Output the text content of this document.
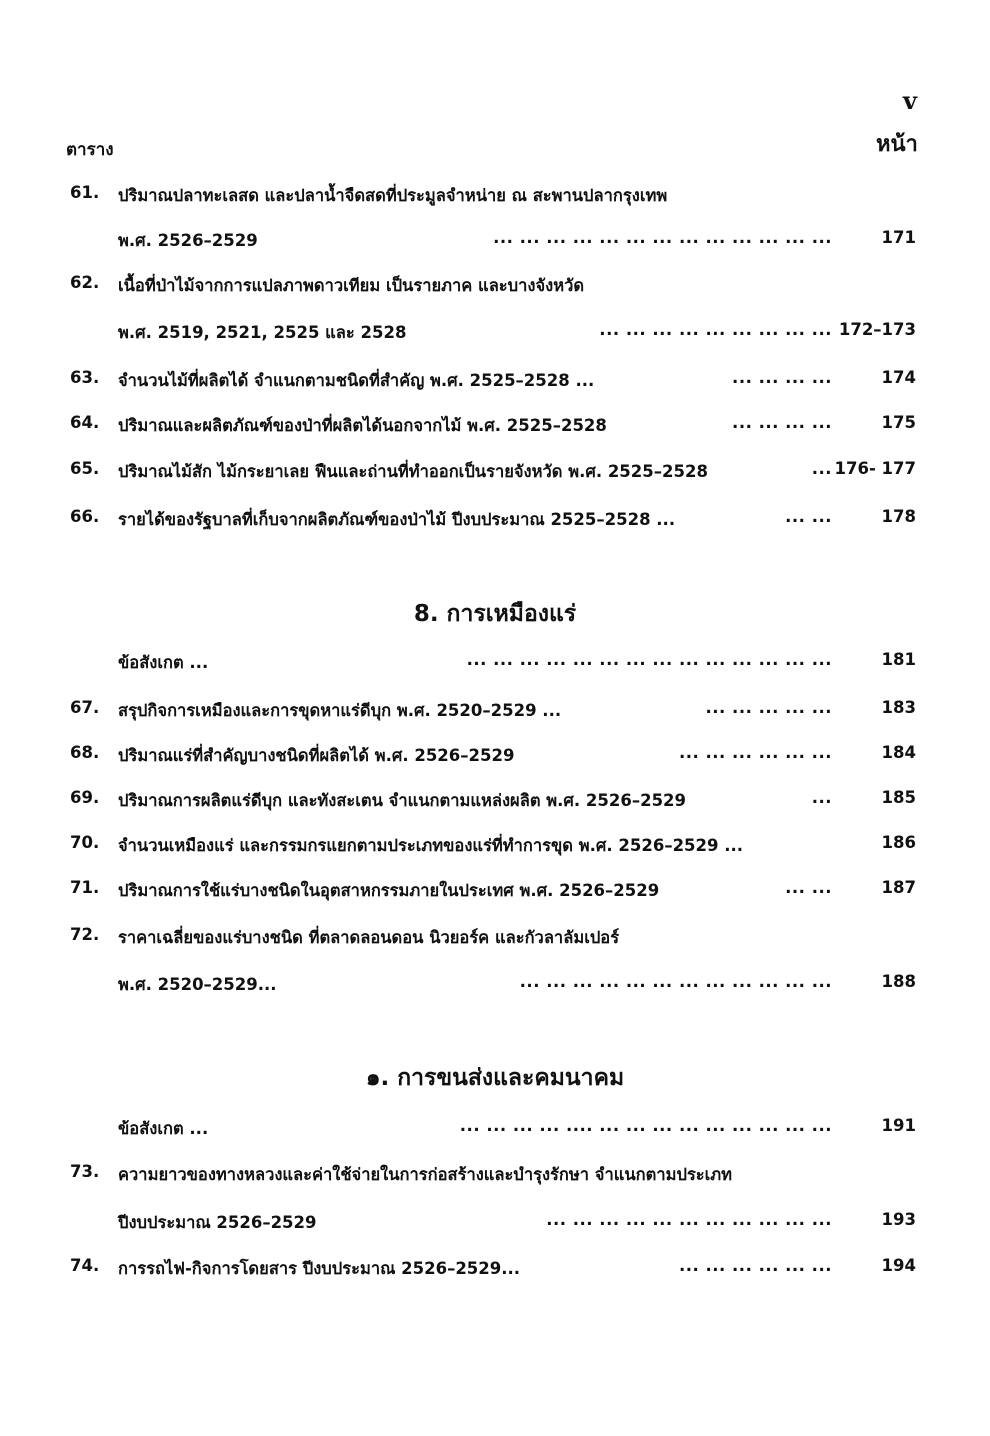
v
ตาราง	หน้า
61.	ปริมาณปลาทะเลสด และปลาน้ำจืดสดที่ประมูลจำหน่าย ณ สะพานปลากรุงเทพ
พ.ศ. 2526–2529	... ... ... ... ... ... ... ... ... ... ... ... ...	171
62.	เนื้อที่ป่าไม้จากการแปลภาพดาวเทียม เป็นรายภาค และบางจังหวัด
พ.ศ. 2519, 2521, 2525 และ 2528	... ... ... ... ... ... ... ... ... 172–173
63.	จำนวนไม้ที่ผลิตได้ จำแนกตามชนิดที่สำคัญ พ.ศ. 2525–2528 ...	... ... ... ...	174
64.	ปริมาณและผลิตภัณฑ์ของป่าที่ผลิตได้นอกจากไม้ พ.ศ. 2525–2528	... ... ... ...	175
65.	ปริมาณไม้สัก ไม้กระยาเลย ฟืนและถ่านที่ทำออกเป็นรายจังหวัด พ.ศ. 2525–2528	... 176- 177
66.	รายได้ของรัฐบาลที่เก็บจากผลิตภัณฑ์ของป่าไม้ ปีงบประมาณ 2525–2528 ...	... ...	178
8. การเหมืองแร่
ข้อสังเกต ...	... ... ... ... ... ... ... ... ... ... ... ... ... ...	181
67.	สรุปกิจการเหมืองและการขุดหาแร่ดีบุก พ.ศ. 2520–2529 ...	... ... ... ... ...	183
68.	ปริมาณแร่ที่สำคัญบางชนิดที่ผลิตได้ พ.ศ. 2526–2529	... ... ... ... ... ...	184
69.	ปริมาณการผลิตแร่ดีบุก และทังสะเตน จำแนกตามแหล่งผลิต พ.ศ. 2526–2529	...	185
70.	จำนวนเหมืองแร่ และกรรมกรแยกตามประเภทของแร่ที่ทำการขุด พ.ศ. 2526–2529 ...	186
71.	ปริมาณการใช้แร่บางชนิดในอุตสาหกรรมภายในประเทศ พ.ศ. 2526–2529	... ...	187
72.	ราคาเฉลี่ยของแร่บางชนิด ที่ตลาดลอนดอน นิวยอร์ค และกัวลาลัมเปอร์
พ.ศ. 2520–2529...	... ... ... ... ... ... ... ... ... ... ... ...	188
๑. การขนส่งและคมนาคม
ข้อสังเกต ...	... ... ... ... .... ... ... ... ... ... ... ... ... ...	191
73.	ความยาวของทางหลวงและค่าใช้จ่ายในการก่อสร้างและบำรุงรักษา จำแนกตามประเภท
ปีงบประมาณ 2526–2529	... ... ... ... ... ... ... ... ... ... ...	193
74.	การรถไฟ-กิจการโดยสาร ปีงบประมาณ 2526–2529...	... ... ... ... ... ...	194
